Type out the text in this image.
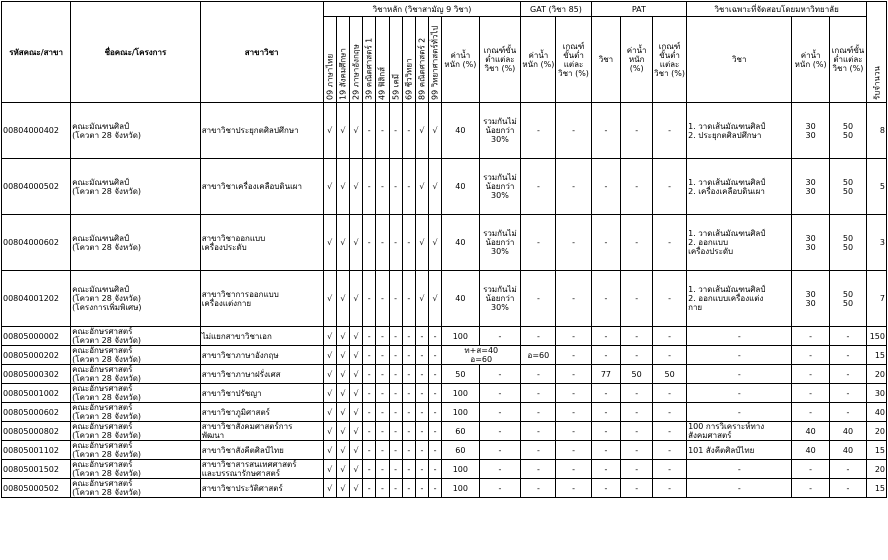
รหัสคณะ/สาขา	ชื่อคณะ/โครงการ	สาขาวิชา	วิชาหลัก (วิชาสามัญ 9 วิชา)											GAT (วิชา 85)		PAT			วิชาเฉพาะที่จัดสอบโดยมหาวิทยาลัย			รับจำนวน

			09 ภาษาไทย	19 สังคมศึกษา	29 ภาษาอังกฤษ	39 คณิตศาสตร์ 1	49 ฟิสิกส์	59 เคมี	69 ชีววิทยา	89 คณิตศาสตร์ 2	99 วิทยาศาสตร์ทั่วไป	ค่าน้ำหนัก (%)	เกณฑ์ขั้นต่ำแต่ละวิชา (%)	ค่าน้ำหนัก (%)	เกณฑ์ขั้นต่ำแต่ละวิชา (%)	วิชา	ค่าน้ำหนัก (%)	เกณฑ์ขั้นต่ำแต่ละวิชา (%)	วิชา	ค่าน้ำหนัก (%)	เกณฑ์ขั้นต่ำแต่ละวิชา (%)	
00804000402	คณะมัณฑนศิลป์
(โควตา 28 จังหวัด)	สาขาวิชาประยุกตศิลปศึกษา	√	√	√	-	-	-	-	√	√	40	รวมกันไม่น้อยกว่า 30%	-	-	-	-	-	1. วาดเส้นมัณฑนศิลป์
2. ประยุกตศิลปศึกษา	30
30	50
50	8
00804000502	คณะมัณฑนศิลป์
(โควตา 28 จังหวัด)	สาขาวิชาเครื่องเคลือบดินเผา	√	√	√	-	-	-	-	√	√	40	รวมกันไม่น้อยกว่า 30%	-	-	-	-	-	1. วาดเส้นมัณฑนศิลป์
2. เครื่องเคลือบดินเผา	30
30	50
50	5
00804000602	คณะมัณฑนศิลป์
(โควตา 28 จังหวัด)	สาขาวิชาออกแบบ
เครื่องประดับ	√	√	√	-	-	-	-	√	√	40	รวมกันไม่น้อยกว่า 30%	-	-	-	-	-	1. วาดเส้นมัณฑนศิลป์
2. ออกแบบ
เครื่องประดับ	30
30	50
50	3
00804001202	คณะมัณฑนศิลป์
(โควตา 28 จังหวัด)
(โครงการเพิ่มพิเศษ)	สาขาวิชาการออกแบบ
เครื่องแต่งกาย	√	√	√	-	-	-	-	√	√	40	รวมกันไม่น้อยกว่า 30%	-	-	-	-	-	1. วาดเส้นมัณฑนศิลป์
2. ออกแบบเครื่องแต่ง
กาย	30
30	50
50	7
00805000002	คณะอักษรศาสตร์
(โควตา 28 จังหวัด)	ไม่แยกสาขาวิชาเอก	√	√	√	-	-	-	-	-	-	100	-	-	-	-	-	-	-	-	-	150
00805000202	คณะอักษรศาสตร์
(โควตา 28 จังหวัด)	สาขาวิชาภาษาอังกฤษ	√	√	√	-	-	-	-	-	-	ท+ส=40
อ=60		อ=60	-	-	-	-	-	-	-	15
00805000302	คณะอักษรศาสตร์
(โควตา 28 จังหวัด)	สาขาวิชาภาษาฝรั่งเศส	√	√	√	-	-	-	-	-	-	50	-	-	-	77	50	50	-	-	-	20
00805001002	คณะอักษรศาสตร์
(โควตา 28 จังหวัด)	สาขาวิชาปรัชญา	√	√	√	-	-	-	-	-	-	100	-	-	-	-	-	-	-	-	-	30
00805000602	คณะอักษรศาสตร์
(โควตา 28 จังหวัด)	สาขาวิชาภูมิศาสตร์	√	√	√	-	-	-	-	-	-	100	-	-	-	-	-	-	-	-	-	40
00805000802	คณะอักษรศาสตร์
(โควตา 28 จังหวัด)	สาขาวิชาสังคมศาสตร์การ
พัฒนา	√	√	√	-	-	-	-	-	-	60	-	-	-	-	-	-	100 การวิเคราะห์ทาง
สังคมศาสตร์	40	40	20
00805001102	คณะอักษรศาสตร์
(โควตา 28 จังหวัด)	สาขาวิชาสังคีตศิลป์ไทย	√	√	√	-	-	-	-	-	-	60	-	-	-	-	-	-	101 สังคีตศิลป์ไทย	40	40	15
00805001502	คณะอักษรศาสตร์
(โควตา 28 จังหวัด)	สาขาวิชาสารสนเทศศาสตร์
และบรรณารักษศาสตร์	√	√	√	-	-	-	-	-	-	100	-	-	-	-	-	-	-	-	-	20
00805000502	คณะอักษรศาสตร์
(โควตา 28 จังหวัด)	สาขาวิชาประวัติศาสตร์	√	√	√	-	-	-	-	-	-	100	-	-	-	-	-	-	-	-	-	15
